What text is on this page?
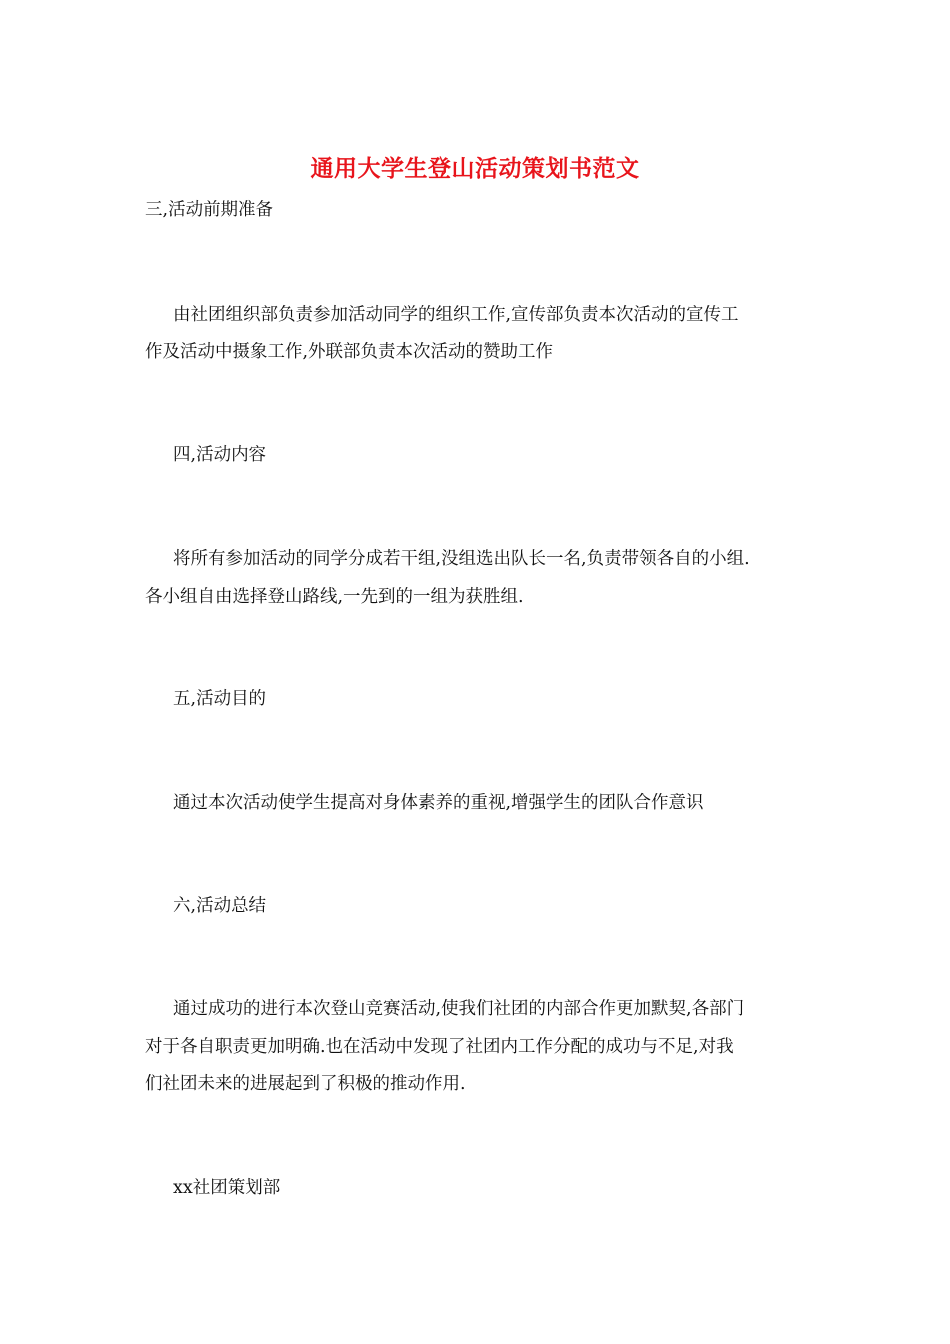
通用大学生登山活动策划书范文
三,活动前期准备
由社团组织部负责参加活动同学的组织工作,宣传部负责本次活动的宣传工
作及活动中摄象工作,外联部负责本次活动的赞助工作
四,活动内容
将所有参加活动的同学分成若干组,没组选出队长一名,负责带领各自的小组.
各小组自由选择登山路线,一先到的一组为获胜组.
五,活动目的
通过本次活动使学生提高对身体素养的重视,增强学生的团队合作意识
六,活动总结
通过成功的进行本次登山竞赛活动,使我们社团的内部合作更加默契,各部门
对于各自职责更加明确.也在活动中发现了社团内工作分配的成功与不足,对我
们社团未来的进展起到了积极的推动作用.
xx社团策划部
